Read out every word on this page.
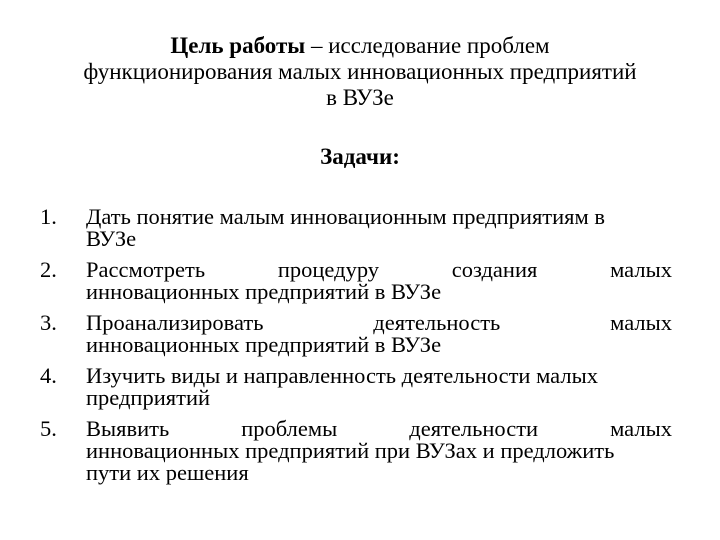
Цель работы – исследование проблем
функционирования малых инновационных предприятий
в ВУЗе
Задачи:
1. Дать понятие малым инновационным предприятиям в
ВУЗе
2. Рассмотреть	процедуру	создания	малых
инновационных предприятий в ВУЗе
3. Проанализировать	деятельность	малых
инновационных предприятий в ВУЗе
4. Изучить виды и направленность деятельности малых
предприятий
5. Выявить	проблемы	деятельности	малых
инновационных предприятий при ВУЗах и предложить
пути их решения
